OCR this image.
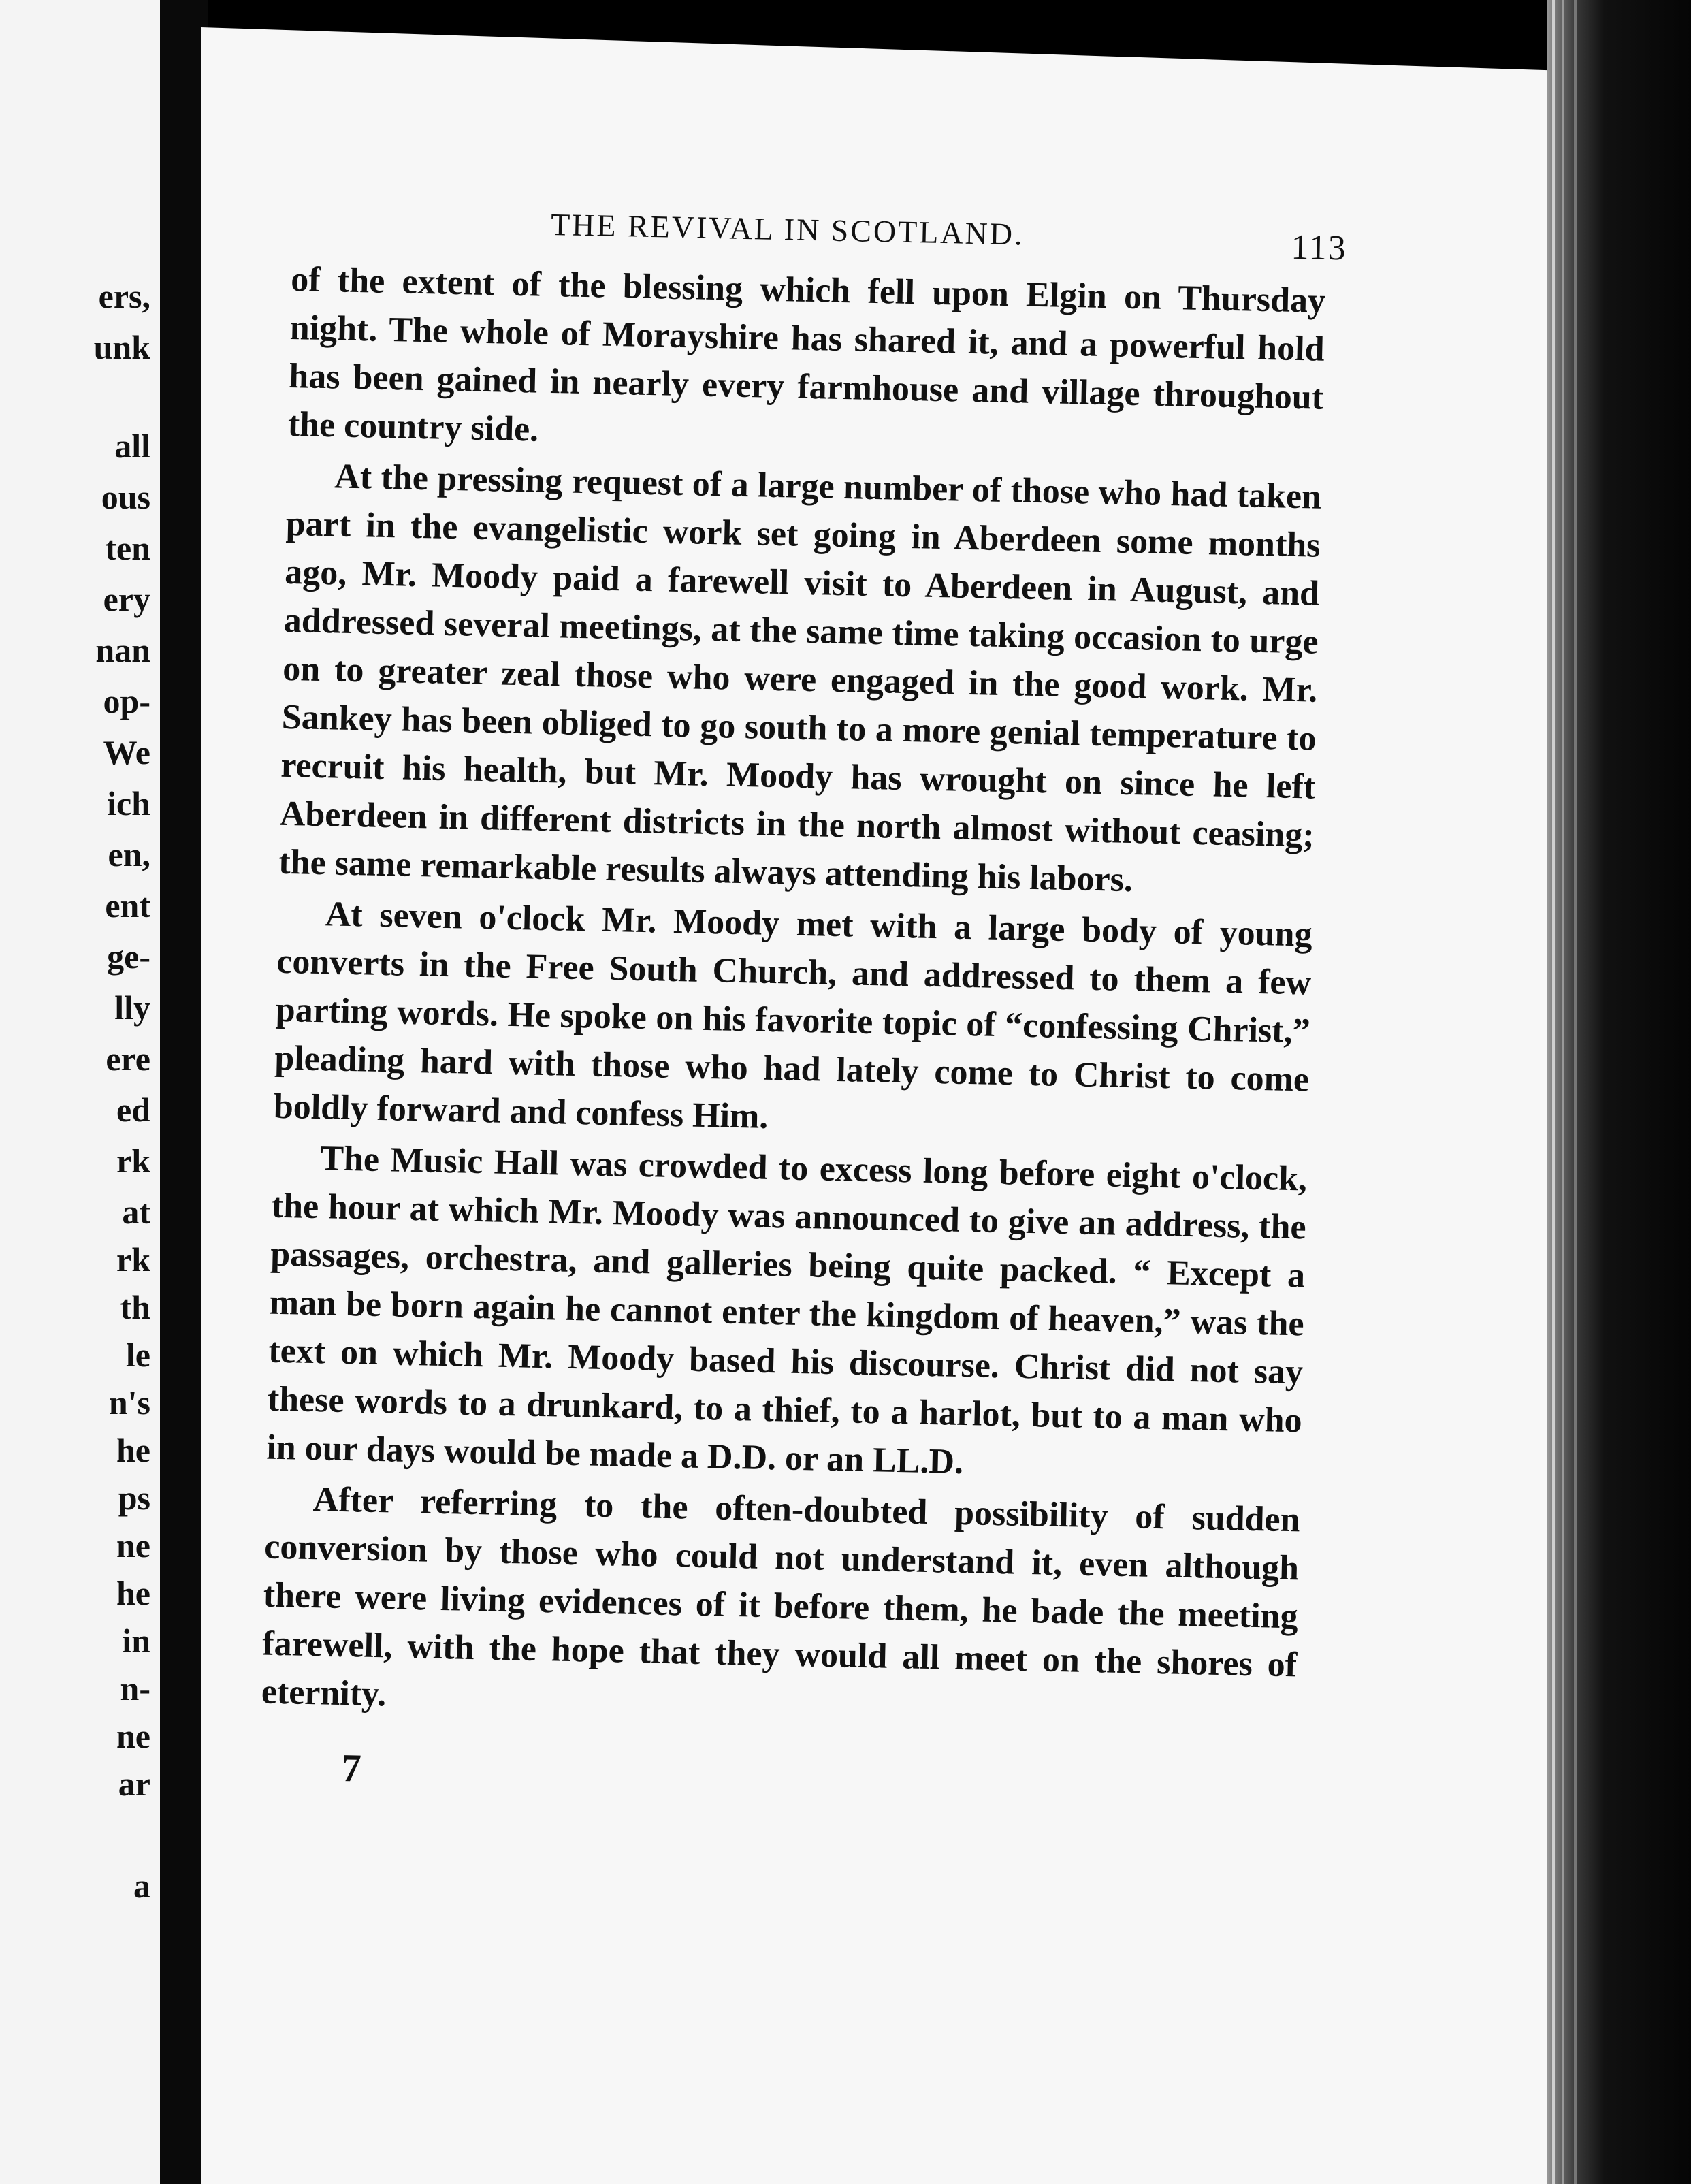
ers,
unk
all
ous
ten
ery
nan
op-
We
ich
en,
ent
ge-
lly
ere
ed
rk
at
rk
th
le
n's
he
ps
ne
he
in
n-
ne
ar
a
THE REVIVAL IN SCOTLAND.	113

of the extent of the blessing which fell upon Elgin on Thursday night. The whole of Morayshire has shared it, and a powerful hold has been gained in nearly every farmhouse and village throughout the country side.

At the pressing request of a large number of those who had taken part in the evangelistic work set going in Aberdeen some months ago, Mr. Moody paid a farewell visit to Aberdeen in August, and addressed several meetings, at the same time taking occasion to urge on to greater zeal those who were engaged in the good work. Mr. Sankey has been obliged to go south to a more genial temperature to recruit his health, but Mr. Moody has wrought on since he left Aberdeen in different districts in the north almost without ceasing; the same remarkable results always attending his labors.

At seven o'clock Mr. Moody met with a large body of young converts in the Free South Church, and addressed to them a few parting words. He spoke on his favorite topic of “confessing Christ,” pleading hard with those who had lately come to Christ to come boldly forward and confess Him.

The Music Hall was crowded to excess long before eight o'clock, the hour at which Mr. Moody was announced to give an address, the passages, orchestra, and galleries being quite packed. “ Except a man be born again he cannot enter the kingdom of heaven,” was the text on which Mr. Moody based his discourse. Christ did not say these words to a drunkard, to a thief, to a harlot, but to a man who in our days would be made a D.D. or an LL.D.

After referring to the often-doubted possibility of sudden conversion by those who could not understand it, even although there were living evidences of it before them, he bade the meeting farewell, with the hope that they would all meet on the shores of eternity.

7
